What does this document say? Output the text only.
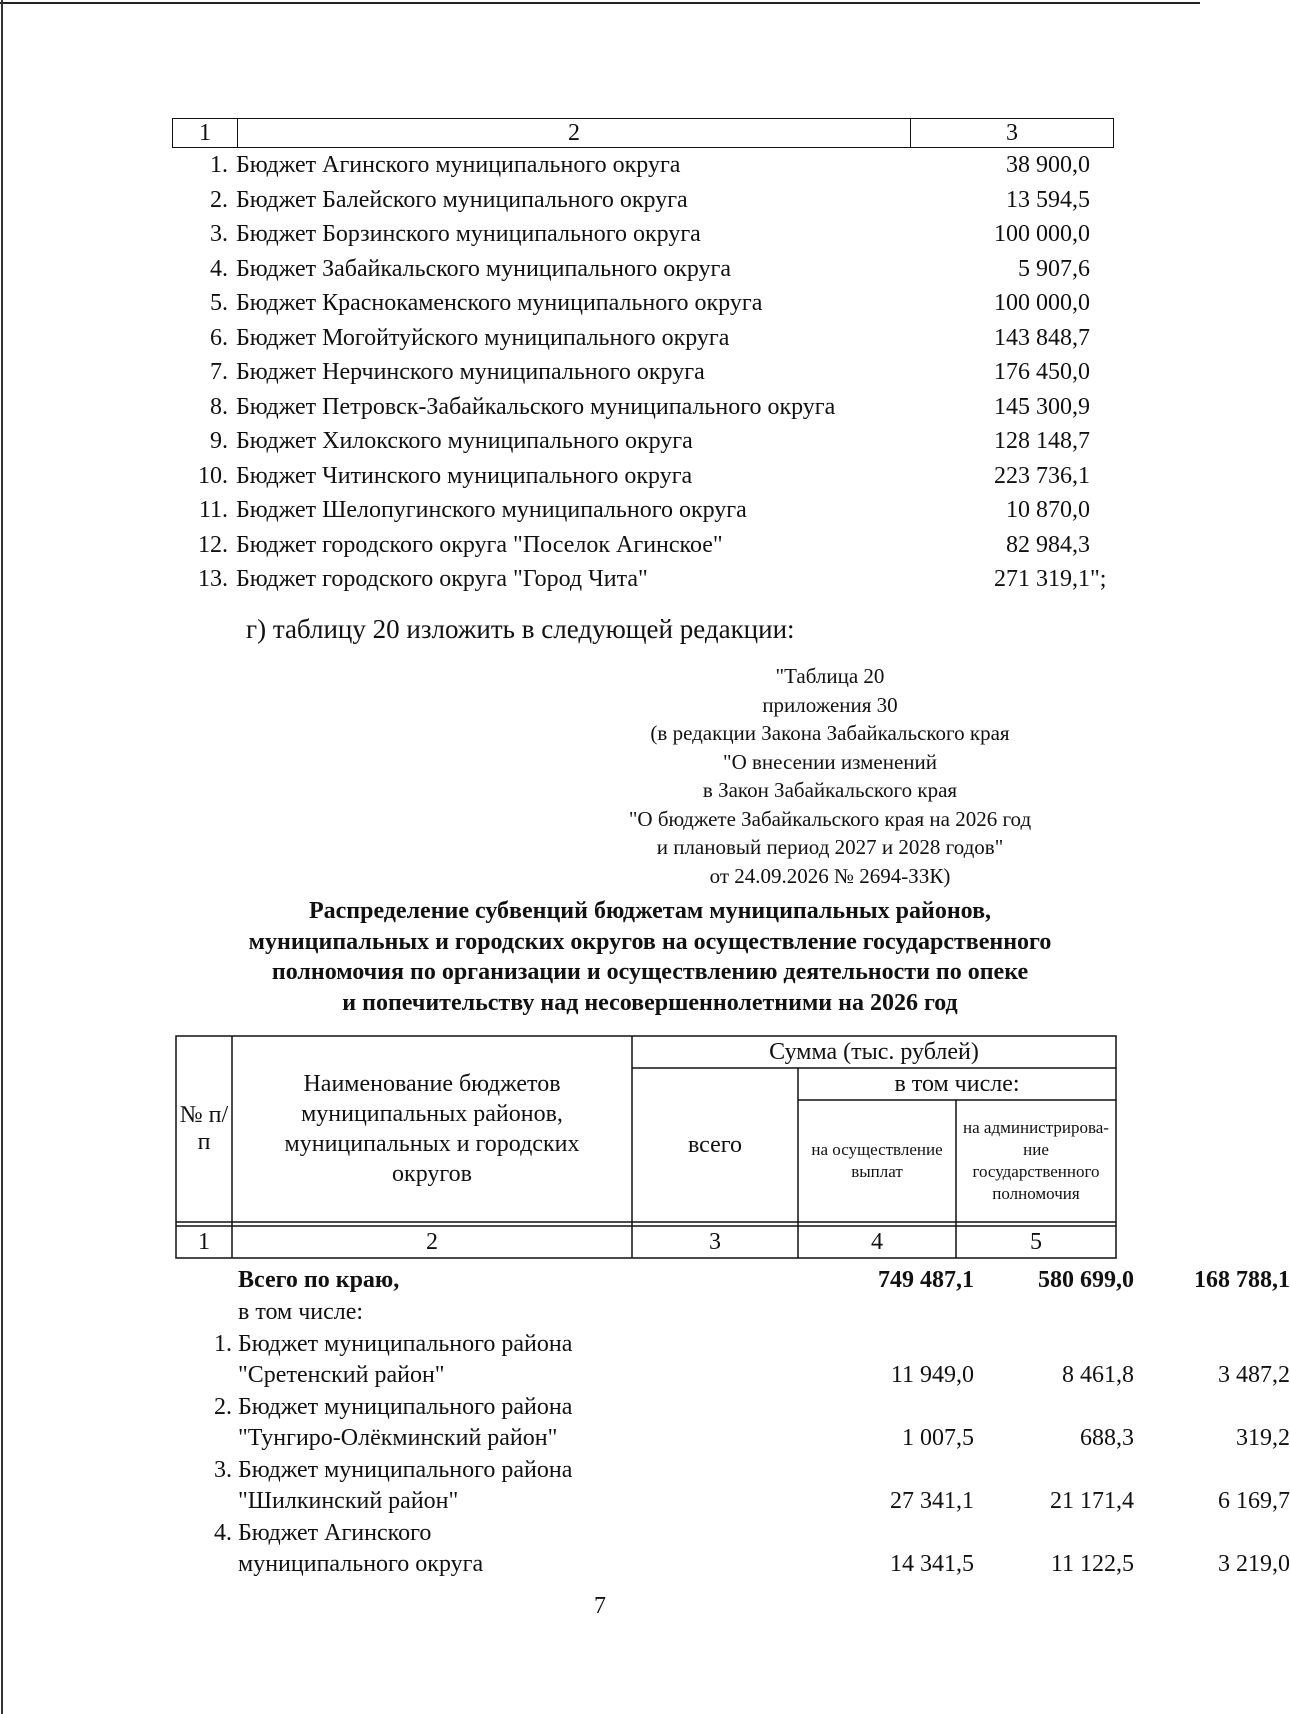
1	2	3
1. Бюджет Агинского муниципального округа	38 900,0
2. Бюджет Балейского муниципального округа	13 594,5
3. Бюджет Борзинского муниципального округа	100 000,0
4. Бюджет Забайкальского муниципального округа	5 907,6
5. Бюджет Краснокаменского муниципального округа	100 000,0
6. Бюджет Могойтуйского муниципального округа	143 848,7
7. Бюджет Нерчинского муниципального округа	176 450,0
8. Бюджет Петровск-Забайкальского муниципального округа	145 300,9
9. Бюджет Хилокского муниципального округа	128 148,7
10. Бюджет Читинского муниципального округа	223 736,1
11. Бюджет Шелопугинского муниципального округа	10 870,0
12. Бюджет городского округа "Поселок Агинское"	82 984,3
13. Бюджет городского округа "Город Чита"	271 319,1 ";
г) таблицу 20 изложить в следующей редакции:
"Таблица 20
приложения 30
(в редакции Закона Забайкальского края
"О внесении изменений
в Закон Забайкальского края
"О бюджете Забайкальского края на 2026 год
и плановый период 2027 и 2028 годов"
от 24.09.2026 № 2694-ЗЗК)
Распределение субвенций бюджетам муниципальных районов,
муниципальных и городских округов на осуществление государственного
полномочия по организации и осуществлению деятельности по опеке
и попечительству над несовершеннолетними на 2026 год
№ п/п
Наименование бюджетов муниципальных районов, муниципальных и городских округов
Сумма (тыс. рублей)
в том числе:
всего	на осуществление выплат
на администрирова-ние государственного полномочия
1	2	3	4	5
Всего по краю,	749 487,1	580 699,0	168 788,1
в том числе:
1. Бюджет муниципального района
"Сретенский район"	11 949,0	8 461,8	3 487,2
2. Бюджет муниципального района
"Тунгиро-Олёкминский район"	1 007,5	688,3	319,2
3. Бюджет муниципального района
"Шилкинский район"	27 341,1	21 171,4	6 169,7
4. Бюджет Агинского
муниципального округа	14 341,5	11 122,5	3 219,0
7
